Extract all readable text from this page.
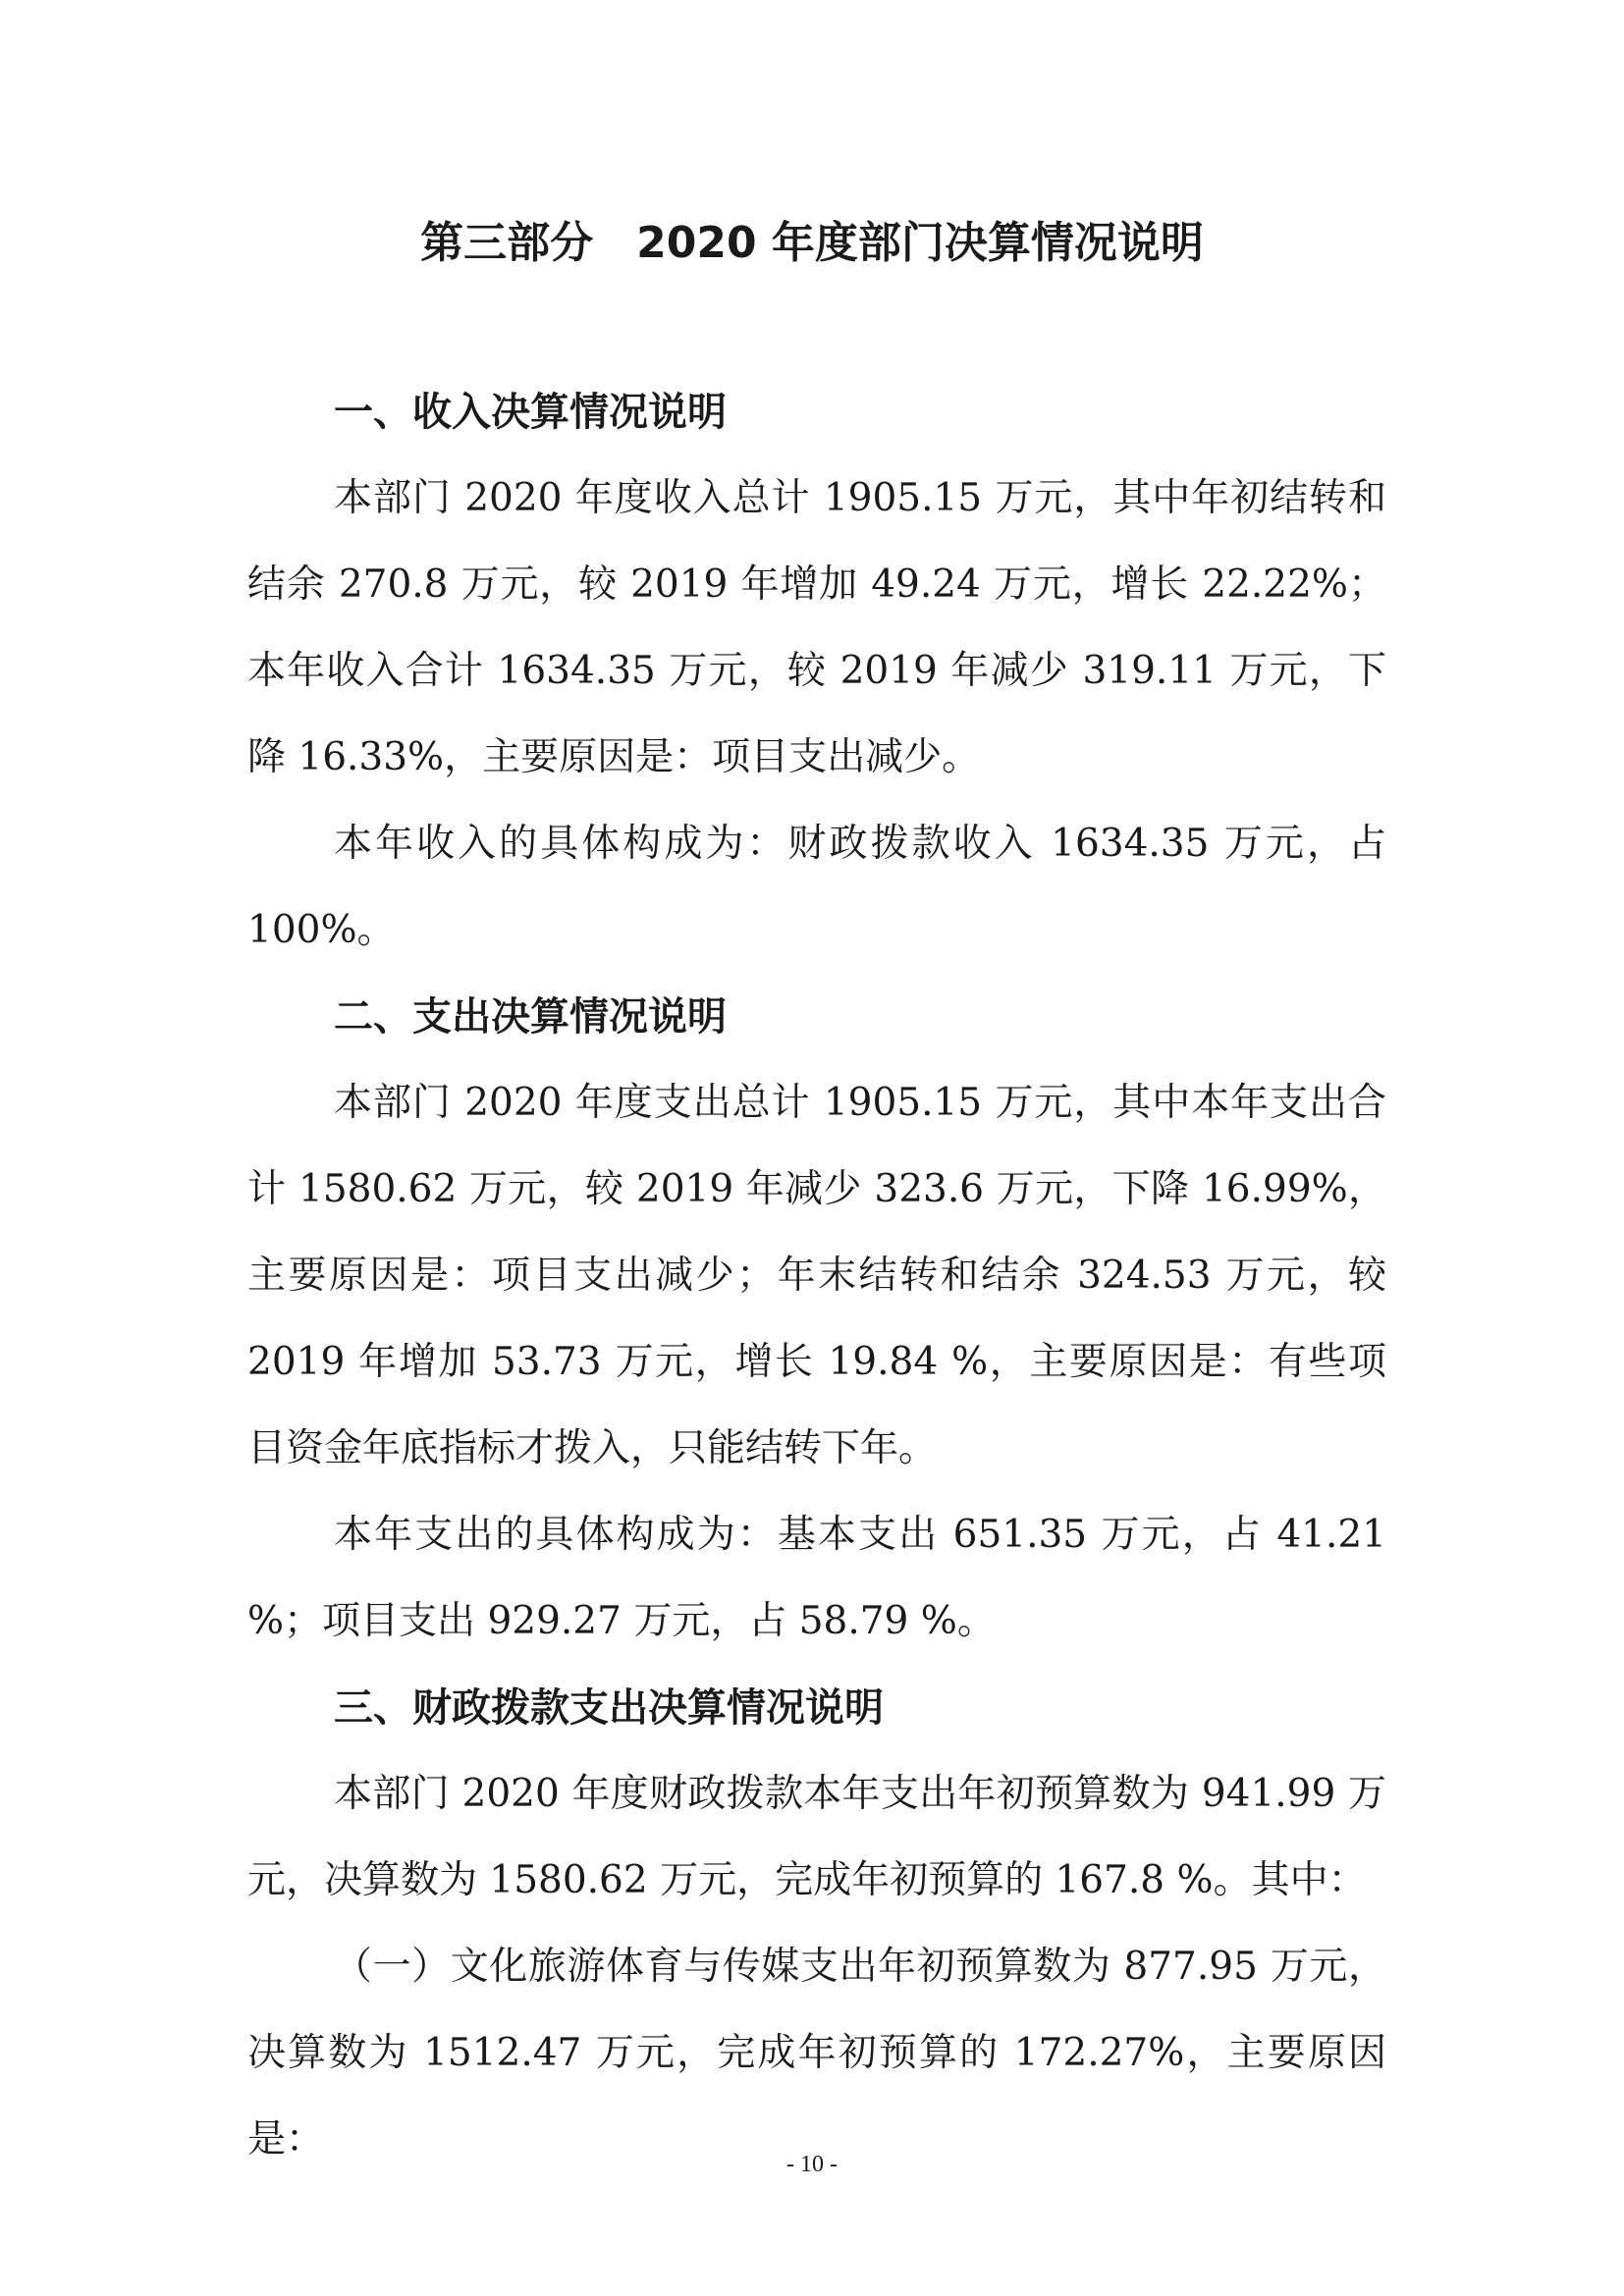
第三部分　2020 年度部门决算情况说明
一、收入决算情况说明

本部门 2020 年度收入总计 1905.15 万元，其中年初结转和结余 270.8 万元，较 2019 年增加 49.24 万元，增长 22.22%；本年收入合计 1634.35 万元，较 2019 年减少 319.11 万元，下降 16.33%，主要原因是：项目支出减少。

本年收入的具体构成为：财政拨款收入 1634.35 万元，占 100%。

二、支出决算情况说明

本部门 2020 年度支出总计 1905.15 万元，其中本年支出合计 1580.62 万元，较 2019 年减少 323.6 万元，下降 16.99%，主要原因是：项目支出减少；年末结转和结余 324.53 万元，较 2019 年增加 53.73 万元，增长 19.84 %，主要原因是：有些项目资金年底指标才拨入，只能结转下年。

本年支出的具体构成为：基本支出 651.35 万元，占 41.21 %；项目支出 929.27 万元，占 58.79 %。

三、财政拨款支出决算情况说明

本部门 2020 年度财政拨款本年支出年初预算数为 941.99 万元，决算数为 1580.62 万元，完成年初预算的 167.8 %。其中：

（一）文化旅游体育与传媒支出年初预算数为 877.95 万元，决算数为 1512.47 万元，完成年初预算的 172.27%，主要原因是：

- 10 -
